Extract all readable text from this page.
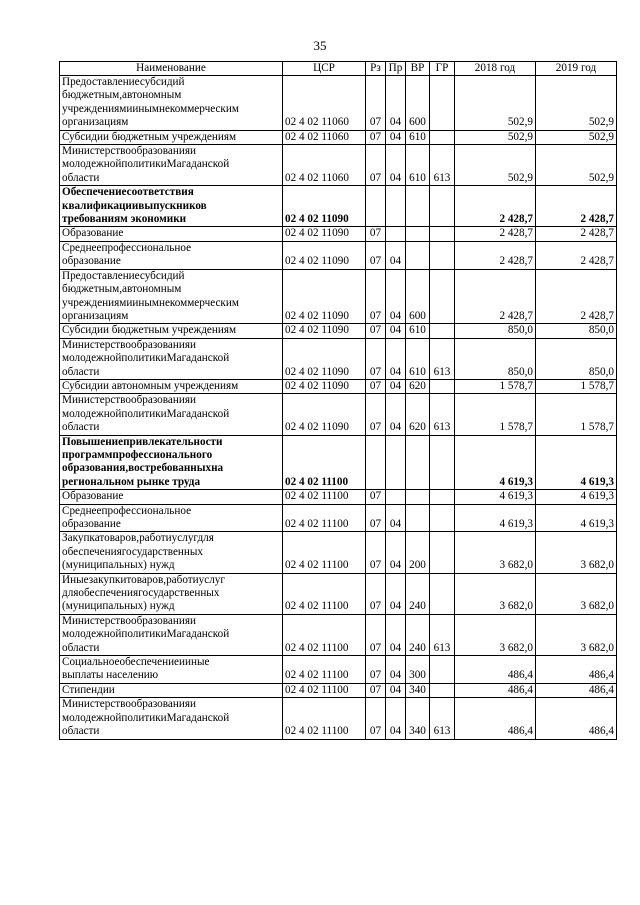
35
Наименование	ЦСР	Рз	Пр	ВР	ГР	2018 год	2019 год

Предоставлениесубсидий
бюджетным,автономным
учреждениямиинымнекоммерческим
организациям	02 4 02 11060	07	04	600		502,9	502,9

Субсидии бюджетным учреждениям	02 4 02 11060	07	04	610		502,9	502,9

Министерствообразованияи
молодежнойполитикиМагаданской
области	02 4 02 11060	07	04	610	613	502,9	502,9

Обеспечениесоответствия
квалификациивыпускников
требованиям экономики	02 4 02 11090					2 428,7	2 428,7

Образование	02 4 02 11090	07				2 428,7	2 428,7

Среднеепрофессиональное
образование	02 4 02 11090	07	04			2 428,7	2 428,7

Предоставлениесубсидий
бюджетным,автономным
учреждениямиинымнекоммерческим
организациям	02 4 02 11090	07	04	600		2 428,7	2 428,7

Субсидии бюджетным учреждениям	02 4 02 11090	07	04	610		850,0	850,0

Министерствообразованияи
молодежнойполитикиМагаданской
области	02 4 02 11090	07	04	610	613	850,0	850,0

Субсидии автономным учреждениям	02 4 02 11090	07	04	620		1 578,7	1 578,7

Министерствообразованияи
молодежнойполитикиМагаданской
области	02 4 02 11090	07	04	620	613	1 578,7	1 578,7

Повышениепривлекательности
программпрофессионального
образования,востребованныхна
региональном рынке труда	02 4 02 11100					4 619,3	4 619,3

Образование	02 4 02 11100	07				4 619,3	4 619,3

Среднеепрофессиональное
образование	02 4 02 11100	07	04			4 619,3	4 619,3

Закупкатоваров,работиуслугдля
обеспечениягосударственных
(муниципальных) нужд	02 4 02 11100	07	04	200		3 682,0	3 682,0

Иныезакупкитоваров,работиуслуг
дляобеспечениягосударственных
(муниципальных) нужд	02 4 02 11100	07	04	240		3 682,0	3 682,0

Министерствообразованияи
молодежнойполитикиМагаданской
области	02 4 02 11100	07	04	240	613	3 682,0	3 682,0

Социальноеобеспечениеииные
выплаты населению	02 4 02 11100	07	04	300		486,4	486,4

Стипендии	02 4 02 11100	07	04	340		486,4	486,4

Министерствообразованияи
молодежнойполитикиМагаданской
области	02 4 02 11100	07	04	340	613	486,4	486,4
